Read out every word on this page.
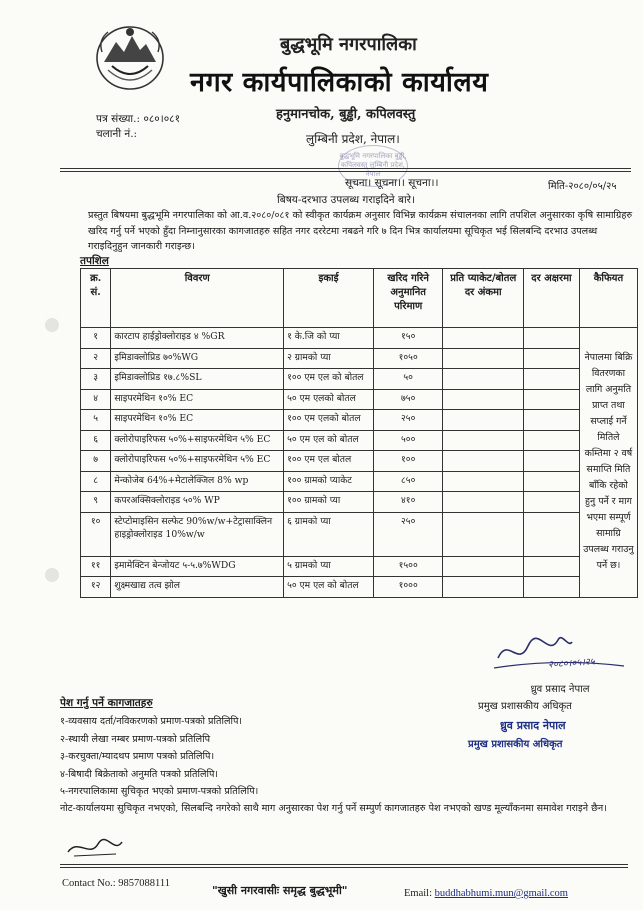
बुद्धभूमि नगरपालिका
नगर कार्यपालिकाको कार्यालय
हनुमानचोक, बुड्ढी, कपिलवस्तु
लुम्बिनी प्रदेश, नेपाल।
पत्र संख्या.: ०८०।०८१
चलानी नं.:
बुद्धभूमि नगरपालिका बुड्ढी, कपिलवस्तु लुम्बिनी प्रदेश, नेपाल
सूचना। सूचना।। सूचना।।	मिति-२०८०/०५/२५
बिषय-दरभाउ उपलब्ध गराइदिने बारे।
प्रस्तुत बिषयमा बुद्धभूमि नगरपालिका को आ.व.२०८०/०८१ को स्वीकृत कार्यक्रम अनुसार विभिन्न कार्यक्रम संचालनका लागि तपशिल अनुसारका कृषि सामाग्रिहरु खरिद गर्नु पर्ने भएको हुँदा निम्नानुसारका कागजातहरु सहित नगर दररेटमा नबढने गरि ७ दिन भित्र कार्यालयमा सूचिकृत भई सिलबन्दि दरभाउ उपलब्ध गराइदिनुहुन जानकारी गराइन्छ।
तपशिल
क्र. सं.	विवरण	इकाई	खरिद गरिने अनुमानित परिमाण	प्रति प्याकेट/बोतल दर अंकमा	दर अक्षरमा	कैफियत
१	कारटाप हाईड्रोक्लोराइड ४ %GR	१ के.जि को प्या	१५०			नेपालमा बिक्रि वितरणका लागि अनुमति प्राप्त तथा सप्लाई गर्ने मितिले कम्तिमा २ वर्ष समाप्ति मिति बाँकि रहेको हुनु पर्ने र माग भएमा सम्पूर्ण सामाग्रि उपलब्ध गराउनु पर्ने छ।
२	इमिडाक्लोप्रिड ७०%WG	२ ग्रामको प्या	१०५०			
३	इमिडाक्लोप्रिड १७.८%SL	१०० एम एल को बोतल	५०			
४	साइपरमेथिन १०% EC	५० एम एलको बोतल	७५०			
५	साइपरमेथिन १०% EC	१०० एम एलको बोतल	२५०			
६	क्लोरोपाइरिफस ५०%+साइफरमेथिन ५% EC	५० एम एल को बोतल	५००			
७	क्लोरोपाइरिफस ५०%+साइफरमेथिन ५% EC	१०० एम एल बोतल	१००			
८	मेन्कोजेब 64%+मेटालेक्जिल 8% wp	१०० ग्रामको प्याकेट	८५०			
९	कपरअक्सिक्लोराइड ५०% WP	१०० ग्रामको प्या	४१०			
१०	स्टेप्टोमाइसिन सल्फेट 90%w/w+टेट्रासाक्लिन हाइड्रोक्लोराइड 10%w/w	६ ग्रामको प्या	२५०			
११	इमामेक्टिन बेन्जोयट ५-५.७%WDG	५ ग्रामको प्या	१५००			
१२	शुक्ष्मखाद्य तत्व झोल	५० एम एल को बोतल	१०००			
२०८०।०५।२५
ध्रुव प्रसाद नेपाल
प्रमुख प्रशासकीय अधिकृत
ध्रुव प्रसाद नेपाल
प्रमुख प्रशासकीय अधिकृत
पेश गर्नु पर्ने कागजातहरु
१-व्यवसाय दर्ता/नविकरणको प्रमाण-पत्रको प्रतिलिपि।
२-स्थायी लेखा नम्बर प्रमाण-पत्रको प्रतिलिपि
३-करचुक्ता/म्यादथप प्रमाण पत्रको प्रतिलिपि।
४-बिषादी बिक्रेताको अनुमति पत्रको प्रतिलिपि।
५-नगरपालिकामा सुचिकृत भएको प्रमाण-पत्रको प्रतिलिपि।
नोट-कार्यालयमा सुचिकृत नभएको, सिलबन्दि नगरेको साथै माग अनुसारका पेश गर्नु पर्ने सम्पुर्ण कागजातहरु पेश नभएको खण्ड मूल्याँकनमा समावेश गराइने छैन।
Contact No.: 9857088111
"खुसी नगरवासीः समृद्ध बुद्धभूमी"	Email: buddhabhumi.mun@gmail.com
